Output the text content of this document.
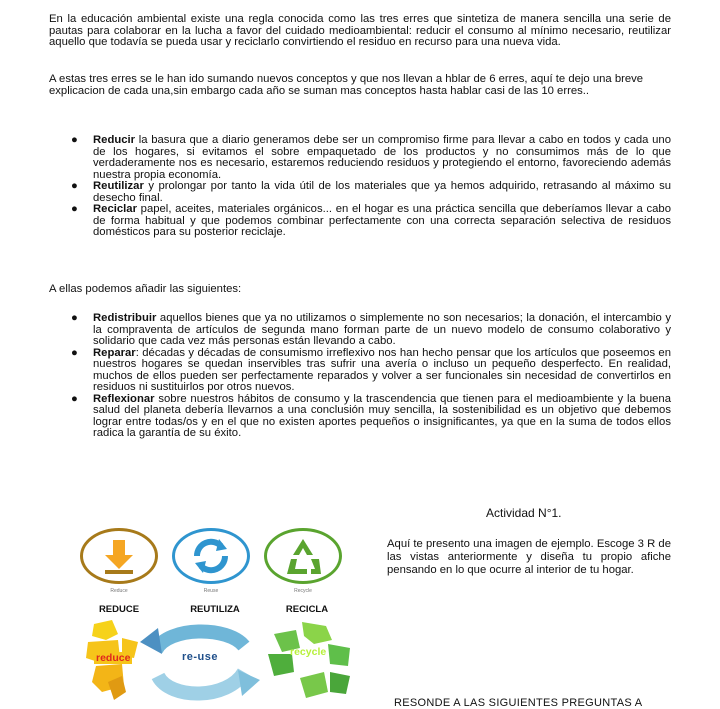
En la educación ambiental existe una regla conocida como las tres erres que sintetiza de manera sencilla una serie de pautas para colaborar en la lucha a favor del cuidado medioambiental: reducir el consumo al mínimo necesario, reutilizar aquello que todavía se pueda usar y reciclarlo convirtiendo el residuo en recurso para una nueva vida.

A estas tres erres se le han ido sumando nuevos conceptos y que nos llevan a hblar de 6 erres, aquí te dejo una breve explicacion de cada una,sin embargo cada año se suman mas conceptos hasta hablar casi de las 10 erres..

● Reducir la basura que a diario generamos debe ser un compromiso firme para llevar a cabo en todos y cada uno de los hogares, si evitamos el sobre empaquetado de los productos y no consumimos más de lo que verdaderamente nos es necesario, estaremos reduciendo residuos y protegiendo el entorno, favoreciendo además nuestra propia economía.
● Reutilizar y prolongar por tanto la vida útil de los materiales que ya hemos adquirido, retrasando al máximo su desecho final.
● Reciclar papel, aceites, materiales orgánicos... en el hogar es una práctica sencilla que deberíamos llevar a cabo de forma habitual y que podemos combinar perfectamente con una correcta separación selectiva de residuos domésticos para su posterior reciclaje.

A ellas podemos añadir las siguientes:

● Redistribuir aquellos bienes que ya no utilizamos o simplemente no son necesarios; la donación, el intercambio y la compraventa de artículos de segunda mano forman parte de un nuevo modelo de consumo colaborativo y solidario que cada vez más personas están llevando a cabo.
● Reparar: décadas y décadas de consumismo irreflexivo nos han hecho pensar que los artículos que poseemos en nuestros hogares se quedan inservibles tras sufrir una avería o incluso un pequeño desperfecto. En realidad, muchos de ellos pueden ser perfectamente reparados y volver a ser funcionales sin necesidad de convertirlos en residuos ni sustituirlos por otros nuevos.
● Reflexionar sobre nuestros hábitos de consumo y la trascendencia que tienen para el medioambiente y la buena salud del planeta debería llevarnos a una conclusión muy sencilla, la sostenibilidad es un objetivo que debemos lograr entre todas/os y en el que no existen aportes pequeños o insignificantes, ya que en la suma de todos ellos radica la garantía de su éxito.
Actividad N°1.

Aquí te presento una imagen de ejemplo. Escoge 3 R de las vistas anteriormente y diseña tu propio afiche pensando en lo que ocurre al interior de tu hogar.

Reduce	Reuse	Recycle
REDUCE	REUTILIZA	RECICLA
reduce	re-use	recycle
RESONDE A LAS SIGUIENTES PREGUNTAS A
